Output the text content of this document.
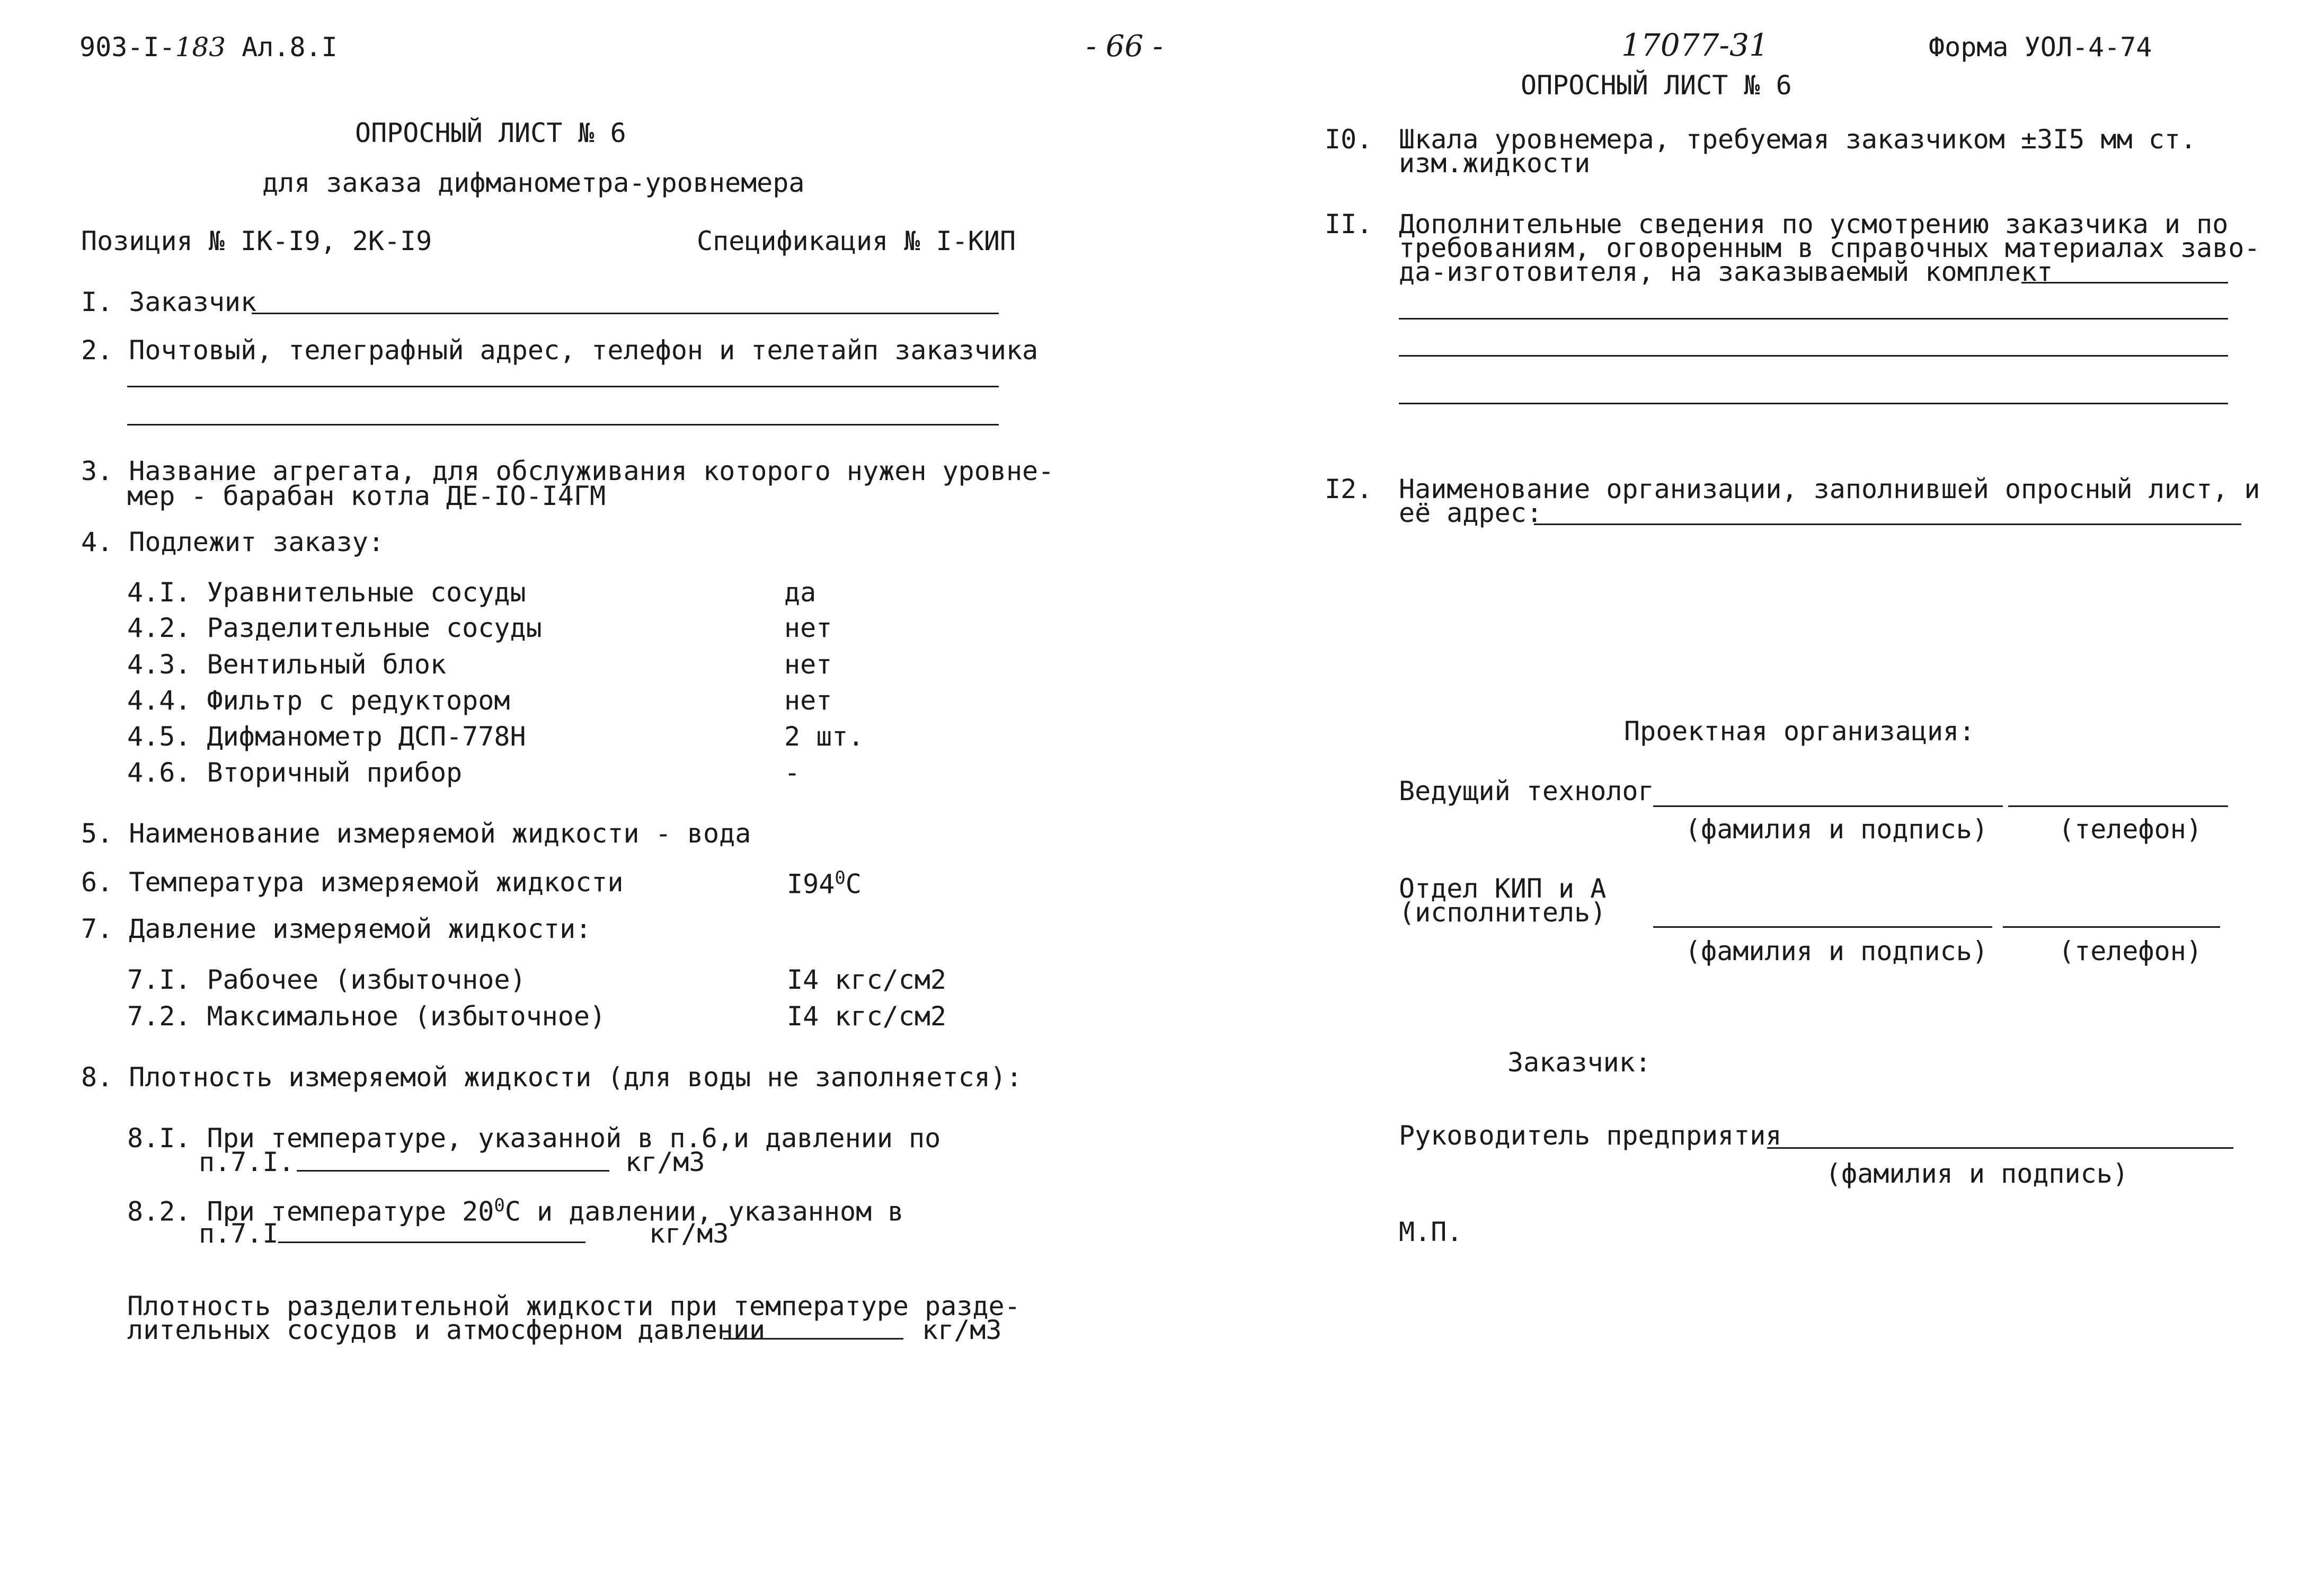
903-I-183 Ал.8.I	- 66 -	17077-31	Форма УОЛ-4-74
ОПРОСНЫЙ ЛИСТ № 6
ОПРОСНЫЙ ЛИСТ № 6
для заказа дифманометра-уровнемера
Позиция № IК-I9, 2К-I9	Спецификация № I-КИП
I. Заказчик
2. Почтовый, телеграфный адрес, телефон и телетайп заказчика
3. Название агрегата, для обслуживания которого нужен уровне-
мер - барабан котла ДЕ-IO-I4ГМ
4. Подлежит заказу:
4.I. Уравнительные сосуды	да
4.2. Разделительные сосуды	нет
4.3. Вентильный блок	нет
4.4. Фильтр с редуктором	нет
4.5. Дифманометр ДСП-778Н	2 шт.
4.6. Вторичный прибор	-
5. Наименование измеряемой жидкости - вода
6. Температура измеряемой жидкости	$I94^0С$
7. Давление измеряемой жидкости:
7.I. Рабочее (избыточное)	I4 кгс/см2
7.2. Максимальное (избыточное)	I4 кгс/см2
8. Плотность измеряемой жидкости (для воды не заполняется):
8.I. При температуре, указанной в п.6,и давлении по
п.7.I.	кг/м3
8.2. При температуре $20^0С$ и давлении, указанном в
п.7.I	кг/м3
Плотность разделительной жидкости при температуре разде-
лительных сосудов и атмосферном давлении	кг/м3
I0. Шкала уровнемера, требуемая заказчиком ±3I5 мм ст.
изм.жидкости
II. Дополнительные сведения по усмотрению заказчика и по
требованиям, оговоренным в справочных материалах заво-
да-изготовителя, на заказываемый комплект
I2. Наименование организации, заполнившей опросный лист, и
её адрес:
Проектная организация:
Ведущий технолог
(фамилия и подпись)	(телефон)
Отдел КИП и А
(исполнитель)
(фамилия и подпись)	(телефон)
Заказчик:
Руководитель предприятия
(фамилия и подпись)
М.П.
